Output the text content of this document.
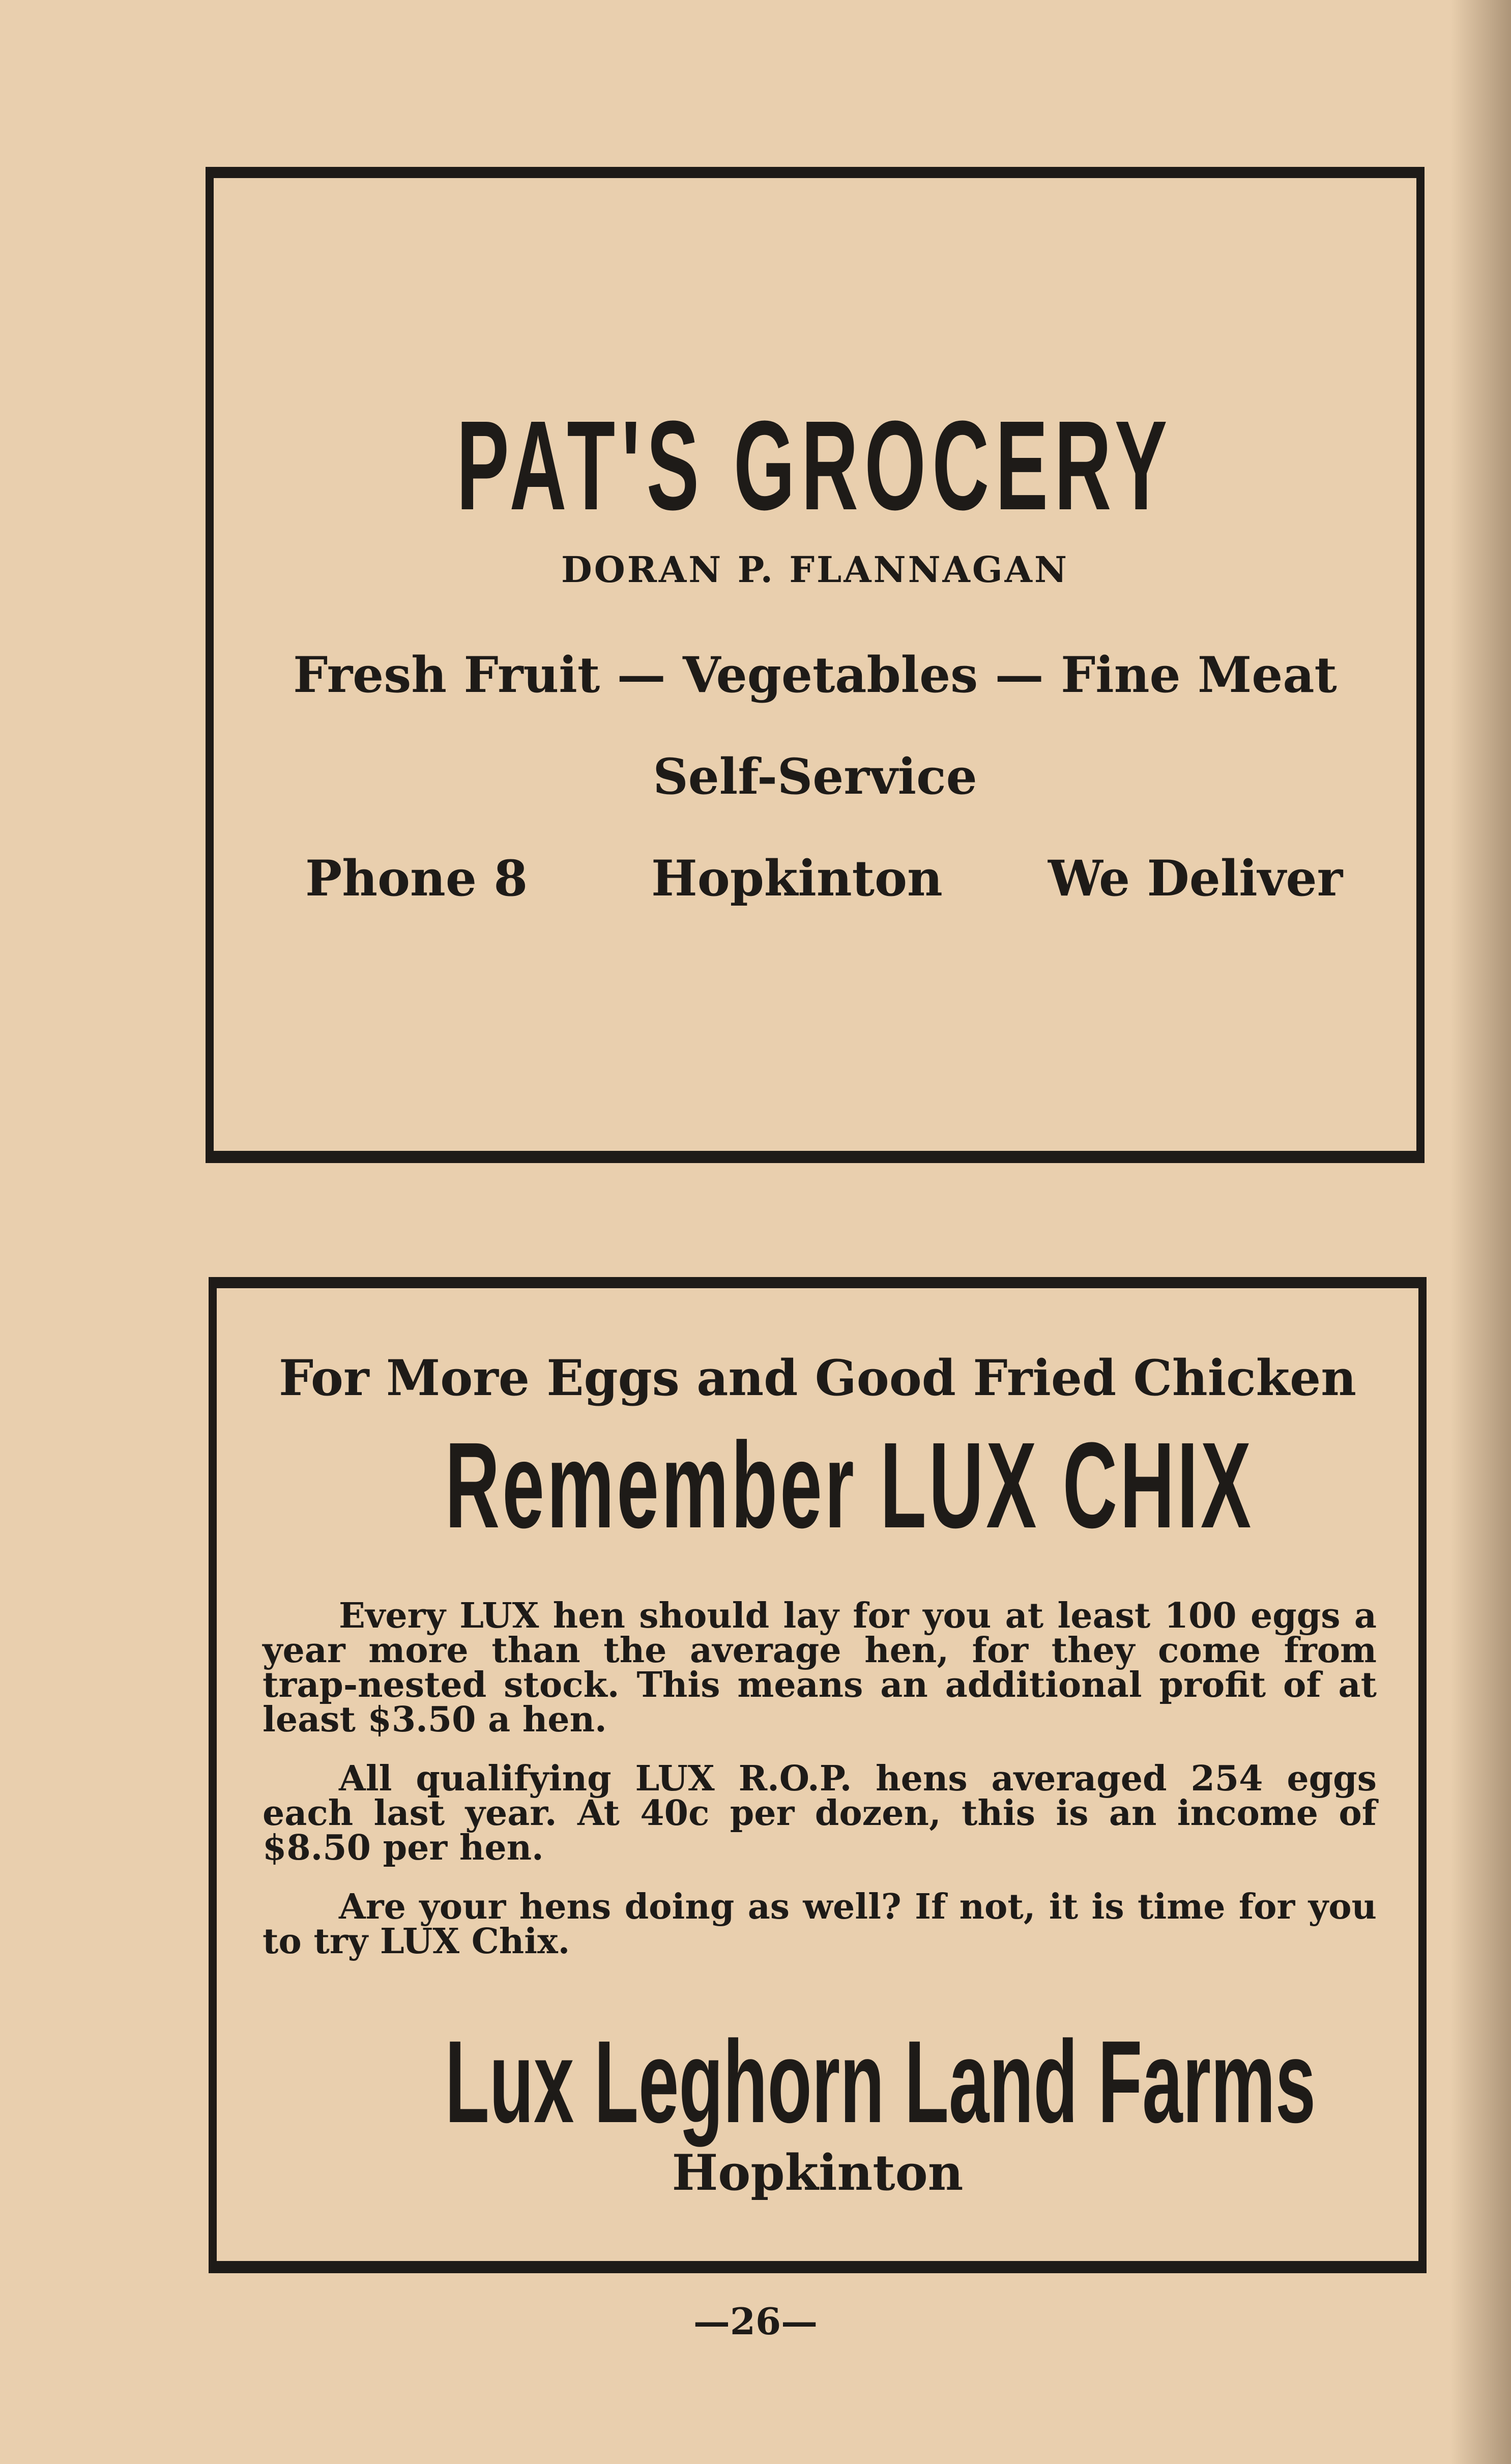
PAT'S GROCERY
DORAN P. FLANNAGAN
Fresh Fruit — Vegetables — Fine Meat
Self-Service
Phone 8	Hopkinton We Deliver
For More Eggs and Good Fried Chicken
Remember LUX CHIX
Every LUX hen should lay for you at least 100 eggs a year more than the average hen, for they come from trap-nested stock. This means an additional profit of at least $3.50 a hen.
All qualifying LUX R.O.P. hens averaged 254 eggs each last year. At 40c per dozen, this is an income of $8.50 per hen.
Are your hens doing as well? If not, it is time for you to try LUX Chix.
Lux Leghorn Land Farms
Hopkinton
—26—
